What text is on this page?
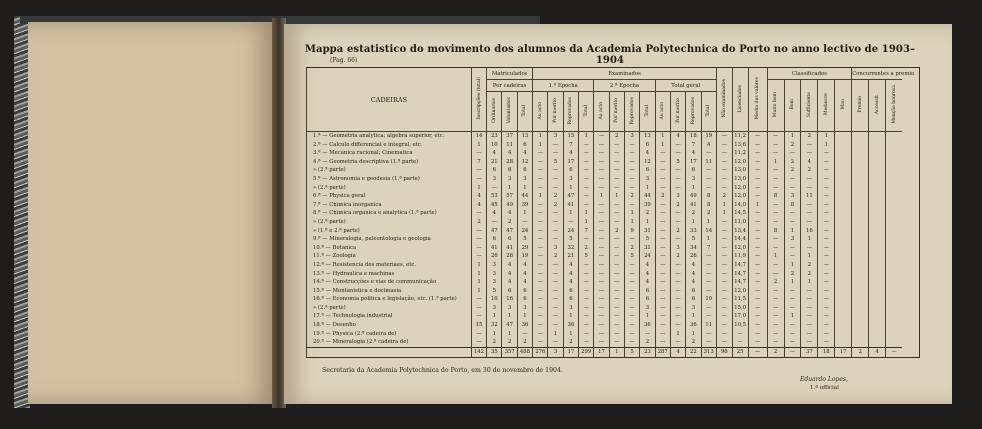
Mappa estatistico do movimento dos alumnos da Academia Polytechnica do Porto no anno lectivo de 1903–1904
(Pag. 66)
CADEIRAS	Inscripções (total)	Matriculados			Examinados												Não examinados	Licenciados	Media dos valores	Classificados					Concurrentes a premio		
		Por cadeiras			1.ª Epocha				2.ª Epocha				Total geral							Muito bom	Bom	Sufficiente	Mediocre	Mau	Premio	Accessit	Menção honrosa
		Ordinarios	Voluntarios	Total	Ao acto	Por merito	Reprovados	Total	Ao acto	Por merito	Reprovados	Total	Ao acto	Por merito	Reprovados	Total											
1.ª — Geometria analytica; algebra superior, etc.	14	23	37	13	1	3	15	1	—	2	3	13	1	4	18	19	—	11,2	—	—	1	2	1				
2.ª — Calculo differencial e integral, etc.	1	10	11	6	1	—	7	—	—	—	—	6	1	—	7	4	—	13,6	—	—	2	—	1				
3.ª — Mecanica racional; Cinematica	—	4	4	4	—	—	4	—	—	—	—	4	—	—	4	—	—	11,2	—	—	—	—	—				
4.ª — Geometria descriptiva (1.ª parte)	7	21	28	12	—	5	17	—	—	—	—	12	—	5	17	11	—	12,0	—	1	2	4	—				
» (2.ª parte)	—	6	6	6	—	—	6	—	—	—	—	6	—	—	6	—	—	13,0	—	—	2	2	—				
5.ª — Astronomia e geodesia (1.ª parte)	—	3	3	3	—	—	3	—	—	—	—	3	—	—	3	—	—	13,0	—	—	—	—	—				
» (2.ª parte)	1	—	1	1	—	—	1	—	—	—	—	1	—	—	1	—	—	12,0	—	—	—	—	—				
6.ª — Physica geral	4	53	57	44	1	2	47	—	1	1	2	44	2	3	49	8	2	12,0	—	8	3	11	—				
7.ª — Chimica inorganica	4	45	49	39	—	2	41	—	—	—	—	39	—	2	41	8	1	14,0	1	—	8	—	—				
8.ª — Chimica organica e analytica (1.ª parte)	—	4	4	1	—	—	1	1	—	—	1	2	—	—	2	2	1	14,5	—	—	—	—	—				
» (2.ª parte)	2	—	2	—	—	—	—	1	—	—	1	1	—	—	1	1	—	11,0	—	—	—	—	—				
» (1.ª e 2.ª parte)	—	47	47	24	—	—	24	7	—	2	9	31	—	2	33	14	—	13,4	—	8	1	16	—				
9.ª — Mineralogia, paleontologia e geologia	—	6	6	5	—	—	5	—	—	—	—	5	—	—	5	1	—	14,4	—	—	3	1	—				
10.ª — Botanica	—	41	41	29	—	3	32	2	—	—	2	31	—	3	34	7	—	12,0	—	—	—	—	—				
11.ª — Zoologia	—	26	26	19	—	2	21	5	—	—	5	24	—	2	26	—	—	11,9	—	1	—	1	—				
12.ª — Resistencia dos materiaes, etc.	1	3	4	4	—	—	4	—	—	—	—	4	—	—	4	—	—	14,7	—	—	1	2	—				
13.ª — Hydraulica e machinas	1	3	4	4	—	—	4	—	—	—	—	4	—	—	4	—	—	14,7	—	—	2	2	—				
14.ª — Construcções e vias de communicação	1	3	4	4	—	—	4	—	—	—	—	4	—	—	4	—	—	14,7	—	2	1	1	—				
15.ª — Montanistica e docimasia	1	5	6	6	—	—	6	—	—	—	—	6	—	—	6	—	—	12,0	—	—	—	—	—				
16.ª — Economia politica e legislação, etc. (1.ª parte)	—	16	16	6	—	—	6	—	—	—	—	6	—	—	6	10	—	11,5	—	—	—	—	—				
» (2.ª parte)	—	3	3	3	—	—	3	—	—	—	—	3	—	—	3	—	—	15,0	—	—	—	—	—				
17.ª — Technologia industrial	—	1	1	1	—	—	1	—	—	—	—	1	—	—	1	—	—	17,0	—	—	1	—	—				
18.ª — Desenho	15	32	47	36	—	—	36	—	—	—	—	36	—	—	36	11	—	10,5	—	—	—	—	—				
19.ª — Physica (2.ª cadeira de)	—	1	1	—	—	1	1	—	—	—	—	—	—	1	1	—	—	—	—	—	—	—	—				
20.ª — Mineralogia (2.ª cadeira de)	—	2	2	2	—	—	2	—	—	—	—	2	—	—	2	—	—	—	—	—	—	—	—				
	142	35	357	488	276	3	17	299	17	1	5	23	287	4	22	313	96	25	—	2	—	37	18	17	2	4	—
Secretaria da Academia Polytechnica do Porto, em 30 de novembro de 1904.
Eduardo Lopes,
1.º official
